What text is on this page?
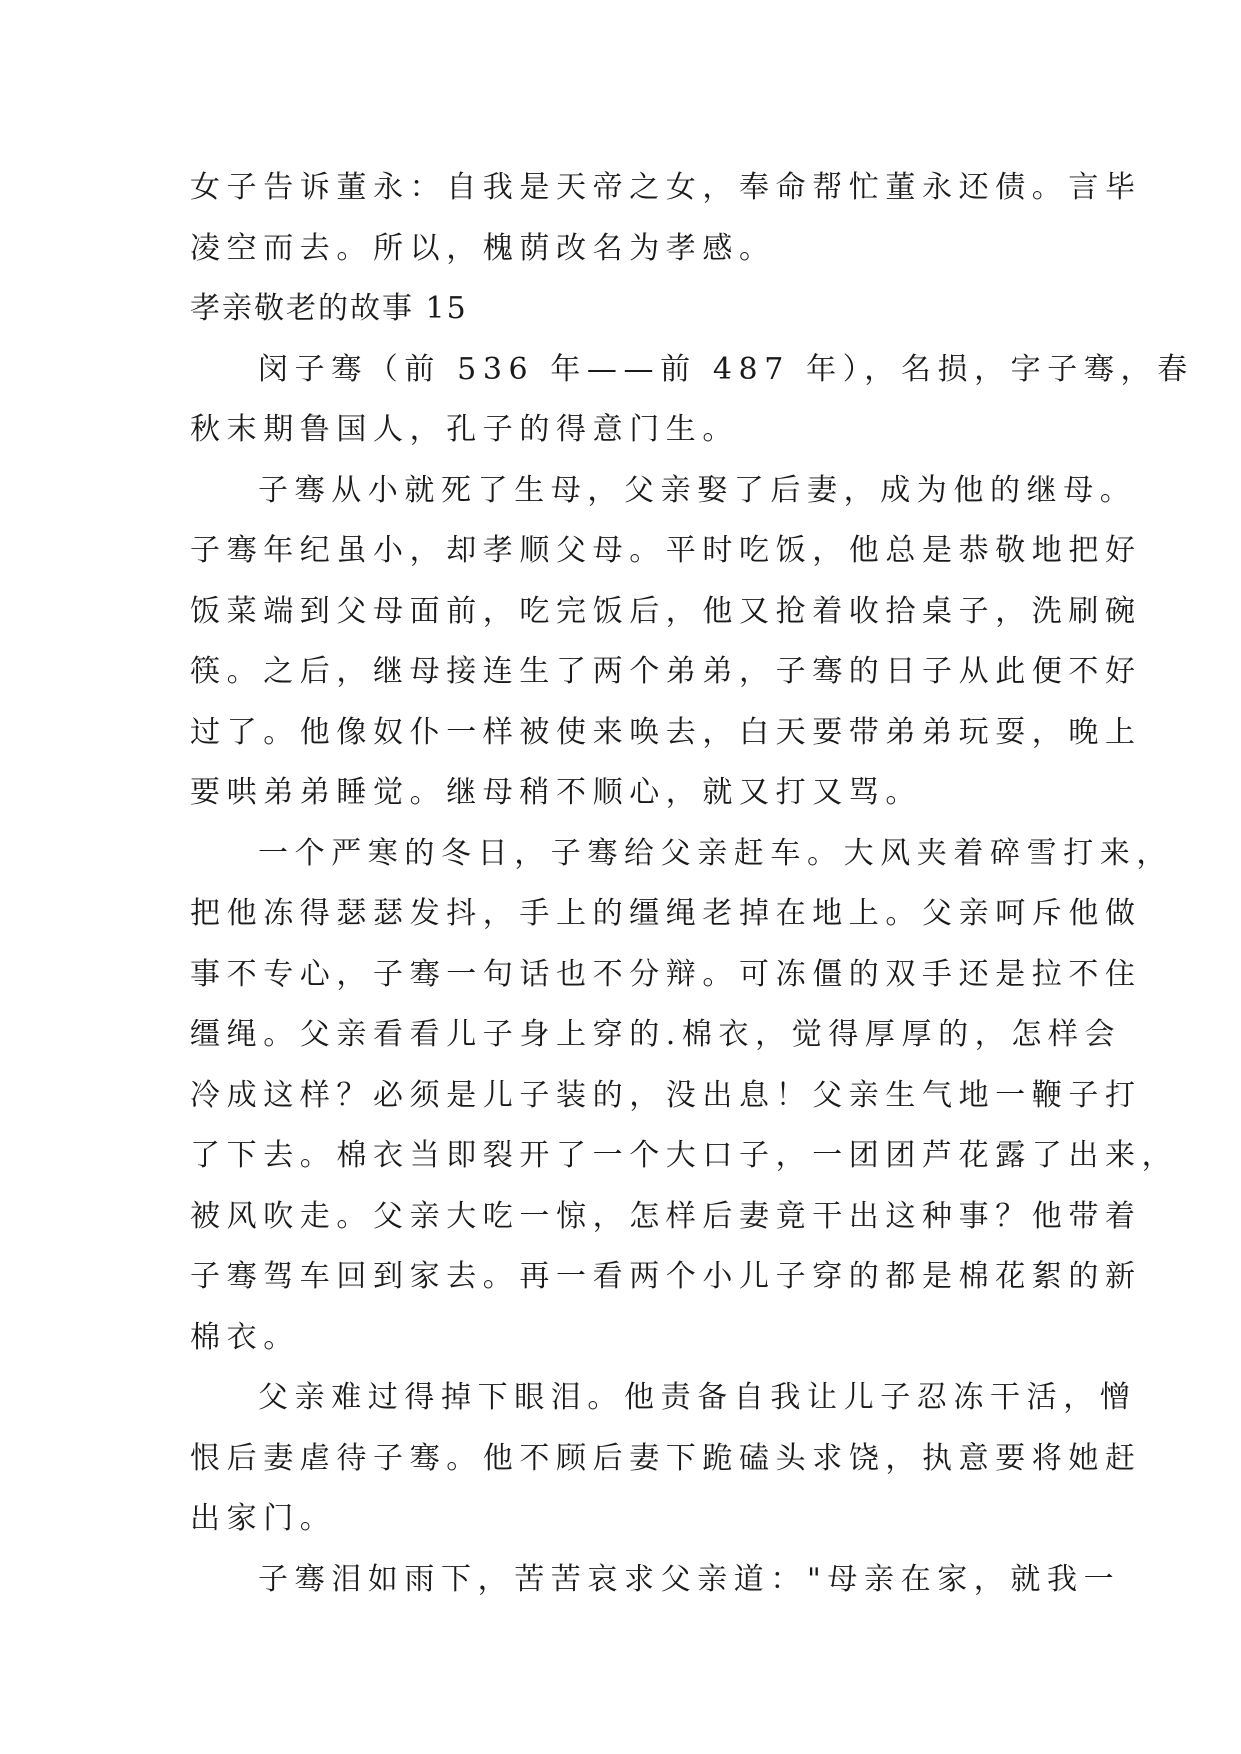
女子告诉董永：自我是天帝之女，奉命帮忙董永还债。言毕
凌空而去。所以，槐荫改名为孝感。
孝亲敬老的故事 15
闵子骞（前 536 年——前 487 年），名损，字子骞，春
秋末期鲁国人，孔子的得意门生。
子骞从小就死了生母，父亲娶了后妻，成为他的继母。
子骞年纪虽小，却孝顺父母。平时吃饭，他总是恭敬地把好
饭菜端到父母面前，吃完饭后，他又抢着收拾桌子，洗刷碗
筷。之后，继母接连生了两个弟弟，子骞的日子从此便不好
过了。他像奴仆一样被使来唤去，白天要带弟弟玩耍，晚上
要哄弟弟睡觉。继母稍不顺心，就又打又骂。
一个严寒的冬日，子骞给父亲赶车。大风夹着碎雪打来，
把他冻得瑟瑟发抖，手上的缰绳老掉在地上。父亲呵斥他做
事不专心，子骞一句话也不分辩。可冻僵的双手还是拉不住
缰绳。父亲看看儿子身上穿的.棉衣，觉得厚厚的，怎样会
冷成这样？必须是儿子装的，没出息！父亲生气地一鞭子打
了下去。棉衣当即裂开了一个大口子，一团团芦花露了出来，
被风吹走。父亲大吃一惊，怎样后妻竟干出这种事？他带着
子骞驾车回到家去。再一看两个小儿子穿的都是棉花絮的新
棉衣。
父亲难过得掉下眼泪。他责备自我让儿子忍冻干活，憎
恨后妻虐待子骞。他不顾后妻下跪磕头求饶，执意要将她赶
出家门。
子骞泪如雨下，苦苦哀求父亲道："母亲在家，就我一
